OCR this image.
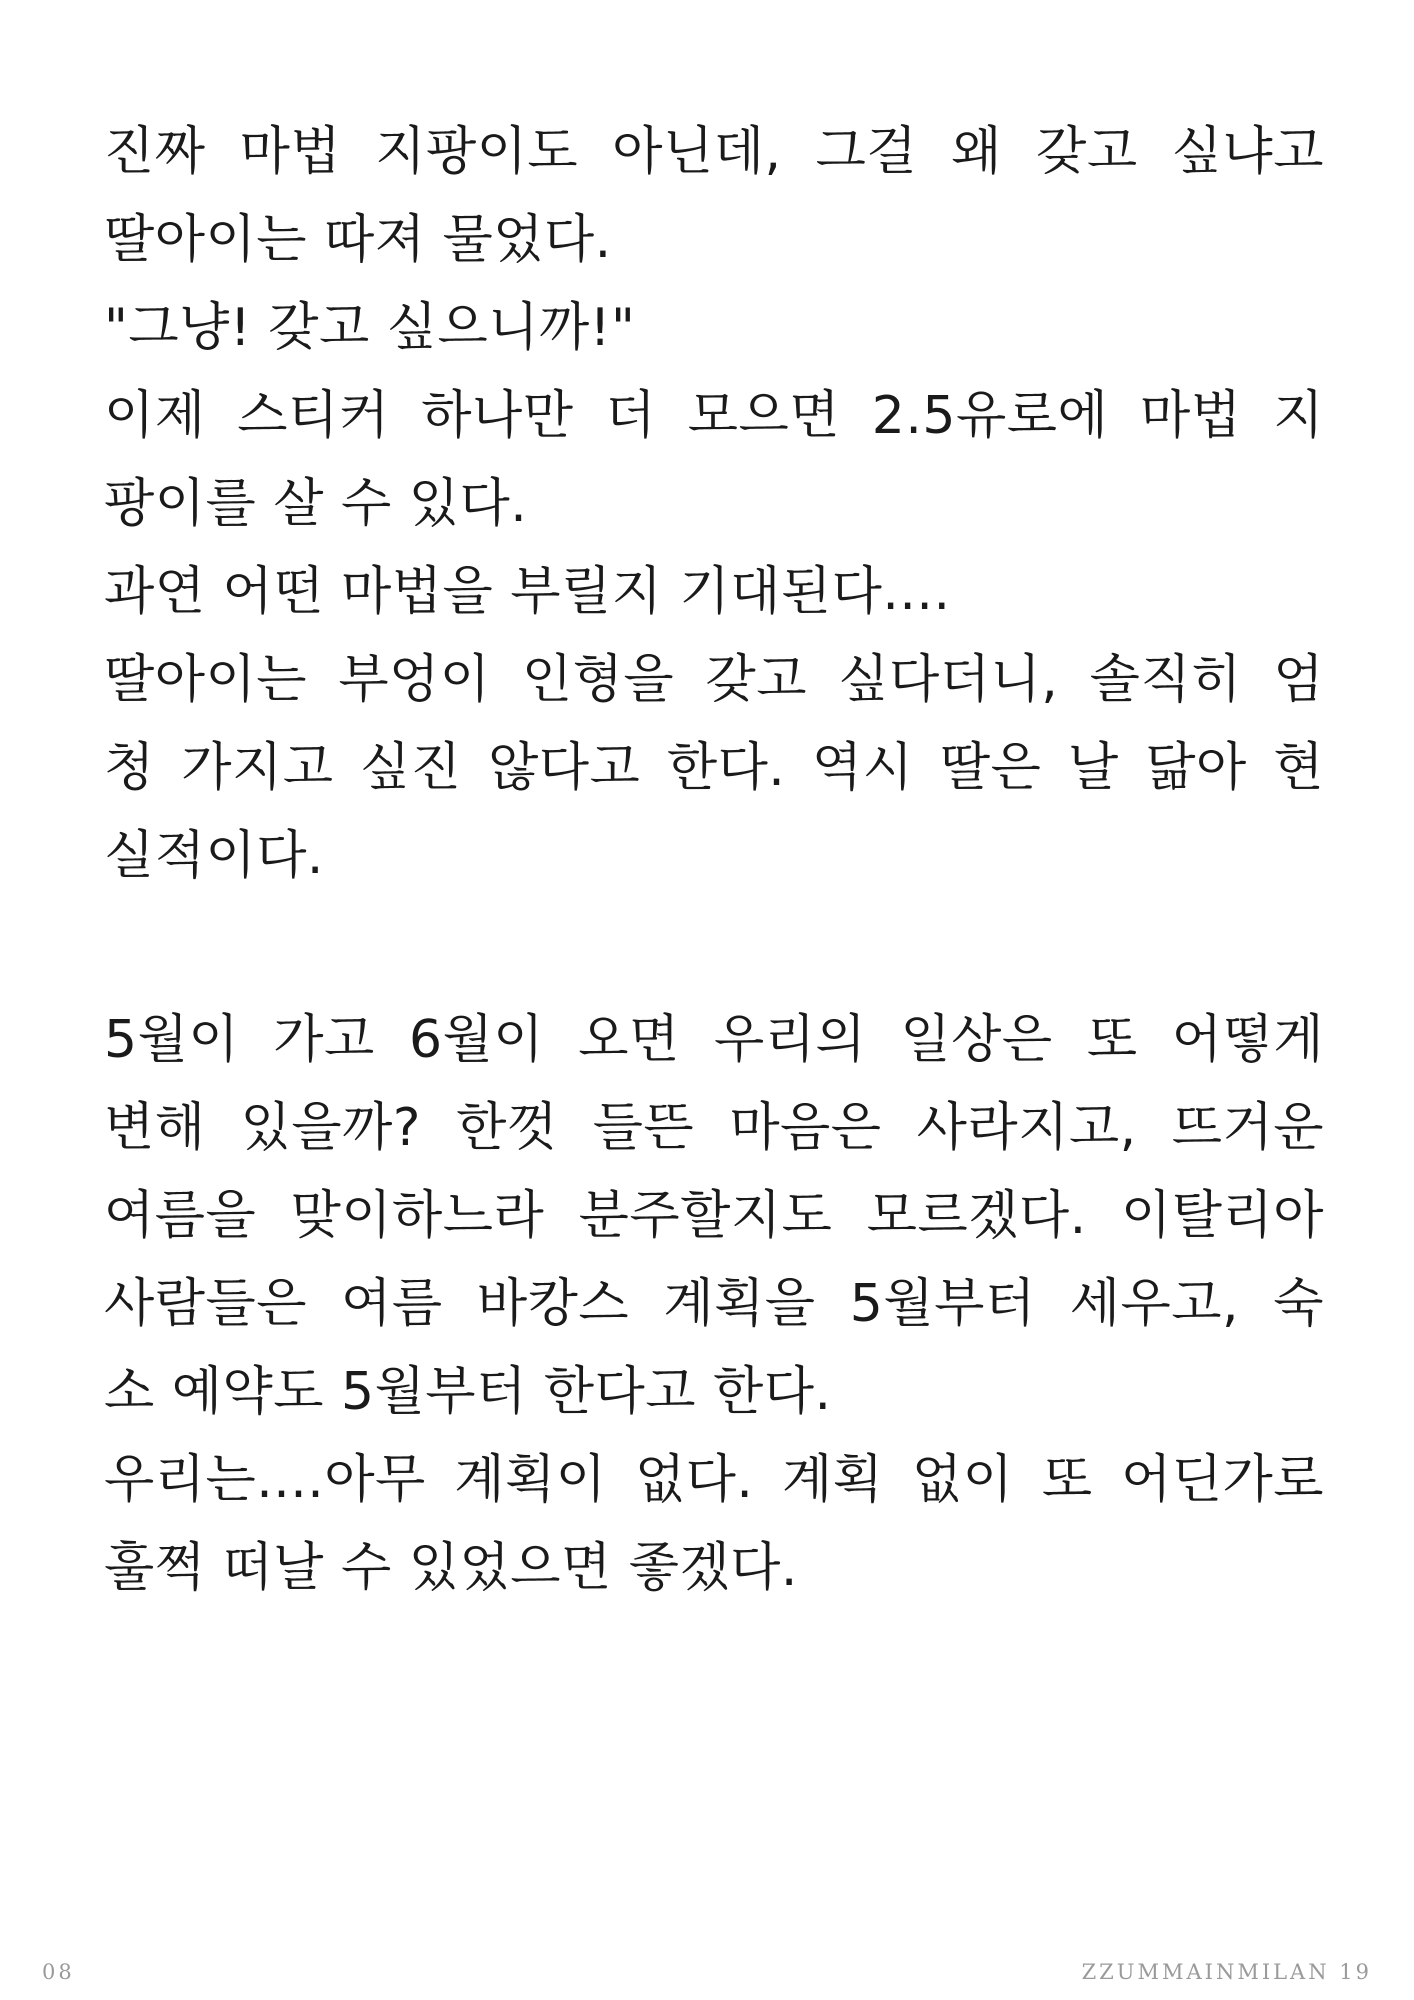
진짜 마법 지팡이도 아닌데, 그걸 왜 갖고 싶냐고
딸아이는 따져 물었다.
"그냥! 갖고 싶으니까!"
이제 스티커 하나만 더 모으면 2.5유로에 마법 지
팡이를 살 수 있다.
과연 어떤 마법을 부릴지 기대된다....
딸아이는 부엉이 인형을 갖고 싶다더니, 솔직히 엄
청 가지고 싶진 않다고 한다. 역시 딸은 날 닮아 현
실적이다.
5월이 가고 6월이 오면 우리의 일상은 또 어떻게
변해 있을까? 한껏 들뜬 마음은 사라지고, 뜨거운
여름을 맞이하느라 분주할지도 모르겠다. 이탈리아
사람들은 여름 바캉스 계획을 5월부터 세우고, 숙
소 예약도 5월부터 한다고 한다.
우리는....아무 계획이 없다. 계획 없이 또 어딘가로
훌쩍 떠날 수 있었으면 좋겠다.
08	ZZUMMAINMILAN 19
